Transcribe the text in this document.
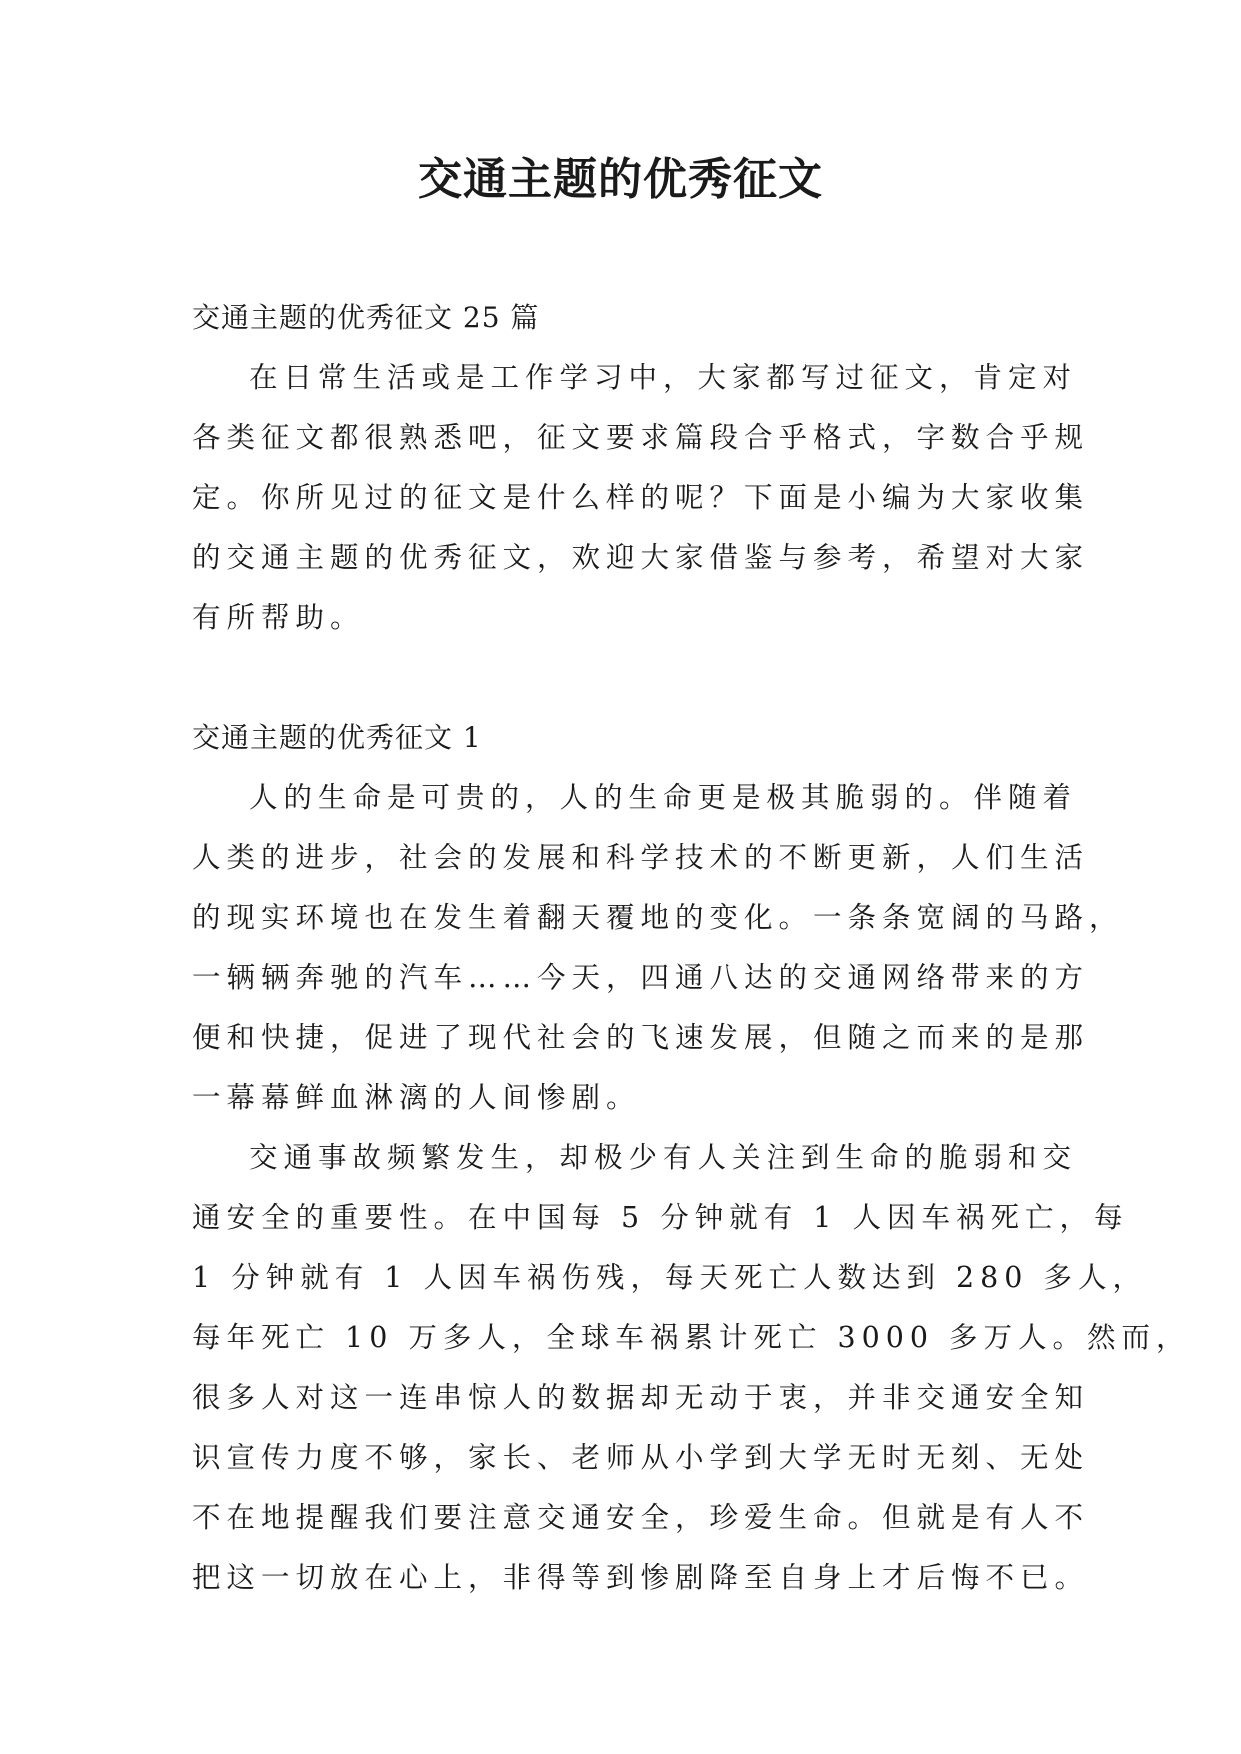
交通主题的优秀征文

交通主题的优秀征文 25 篇

在日常生活或是工作学习中，大家都写过征文，肯定对
各类征文都很熟悉吧，征文要求篇段合乎格式，字数合乎规
定。你所见过的征文是什么样的呢？下面是小编为大家收集
的交通主题的优秀征文，欢迎大家借鉴与参考，希望对大家
有所帮助。

交通主题的优秀征文 1

人的生命是可贵的，人的生命更是极其脆弱的。伴随着
人类的进步，社会的发展和科学技术的不断更新，人们生活
的现实环境也在发生着翻天覆地的变化。一条条宽阔的马路，
一辆辆奔驰的汽车……今天，四通八达的交通网络带来的方
便和快捷，促进了现代社会的飞速发展，但随之而来的是那
一幕幕鲜血淋漓的人间惨剧。
交通事故频繁发生，却极少有人关注到生命的脆弱和交
通安全的重要性。在中国每 5 分钟就有 1 人因车祸死亡，每
1 分钟就有 1 人因车祸伤残，每天死亡人数达到 280 多人，
每年死亡 10 万多人，全球车祸累计死亡 3000 多万人。然而，
很多人对这一连串惊人的数据却无动于衷，并非交通安全知
识宣传力度不够，家长、老师从小学到大学无时无刻、无处
不在地提醒我们要注意交通安全，珍爱生命。但就是有人不
把这一切放在心上，非得等到惨剧降至自身上才后悔不已。
